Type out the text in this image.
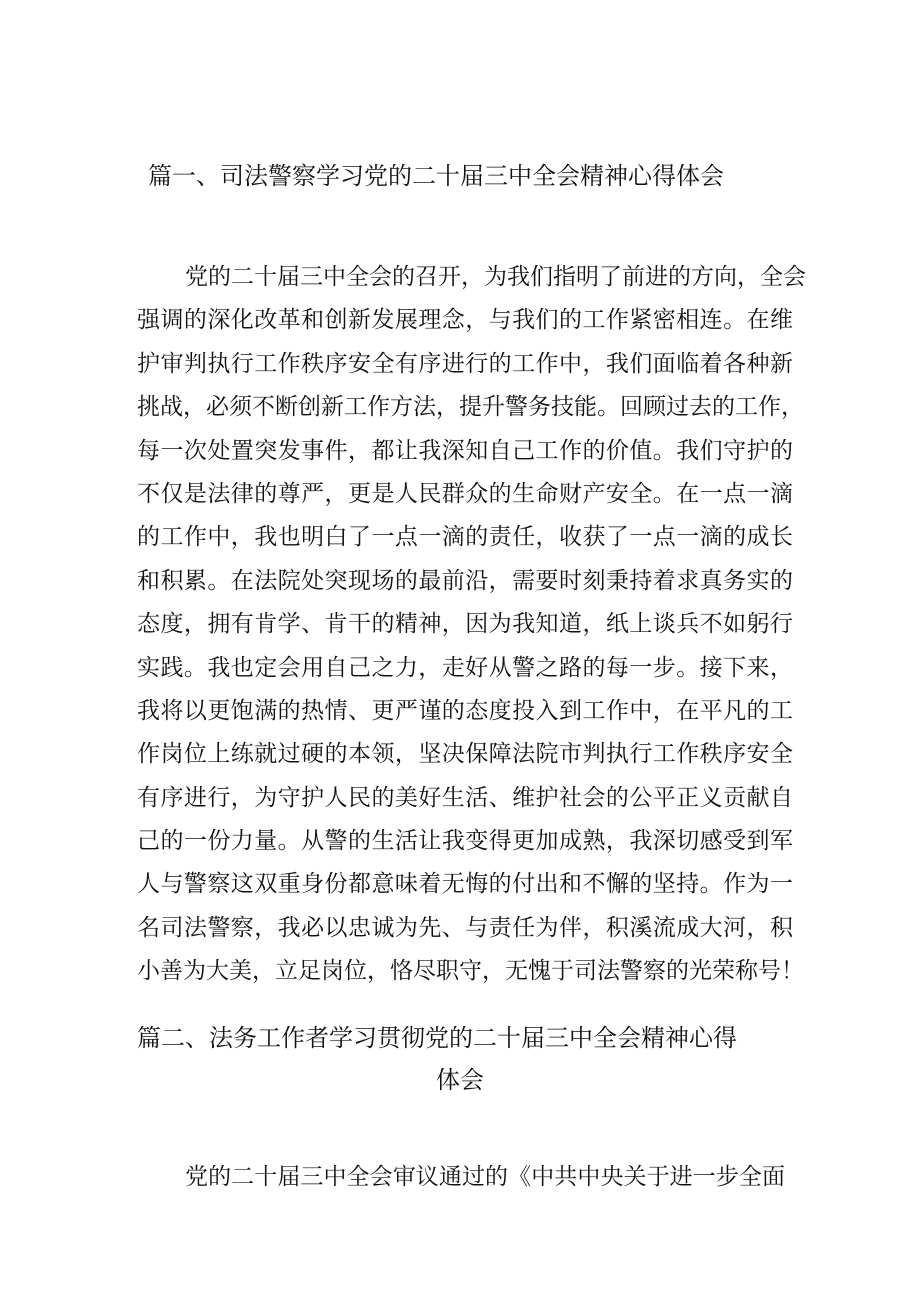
篇一、司法警察学习党的二十届三中全会精神心得体会
党的二十届三中全会的召开，为我们指明了前进的方向，全会
强调的深化改革和创新发展理念，与我们的工作紧密相连。在维
护审判执行工作秩序安全有序进行的工作中，我们面临着各种新
挑战，必须不断创新工作方法，提升警务技能。回顾过去的工作，
每一次处置突发事件，都让我深知自己工作的价值。我们守护的
不仅是法律的尊严，更是人民群众的生命财产安全。在一点一滴
的工作中，我也明白了一点一滴的责任，收获了一点一滴的成长
和积累。在法院处突现场的最前沿，需要时刻秉持着求真务实的
态度，拥有肯学、肯干的精神，因为我知道，纸上谈兵不如躬行
实践。我也定会用自己之力，走好从警之路的每一步。接下来，
我将以更饱满的热情、更严谨的态度投入到工作中，在平凡的工
作岗位上练就过硬的本领，坚决保障法院市判执行工作秩序安全
有序进行，为守护人民的美好生活、维护社会的公平正义贡献自
己的一份力量。从警的生活让我变得更加成熟，我深切感受到军
人与警察这双重身份都意味着无悔的付出和不懈的坚持。作为一
名司法警察，我必以忠诚为先、与责任为伴，积溪流成大河，积
小善为大美，立足岗位，恪尽职守，无愧于司法警察的光荣称号！
篇二、法务工作者学习贯彻党的二十届三中全会精神心得
体会
党的二十届三中全会审议通过的《中共中央关于进一步全面
